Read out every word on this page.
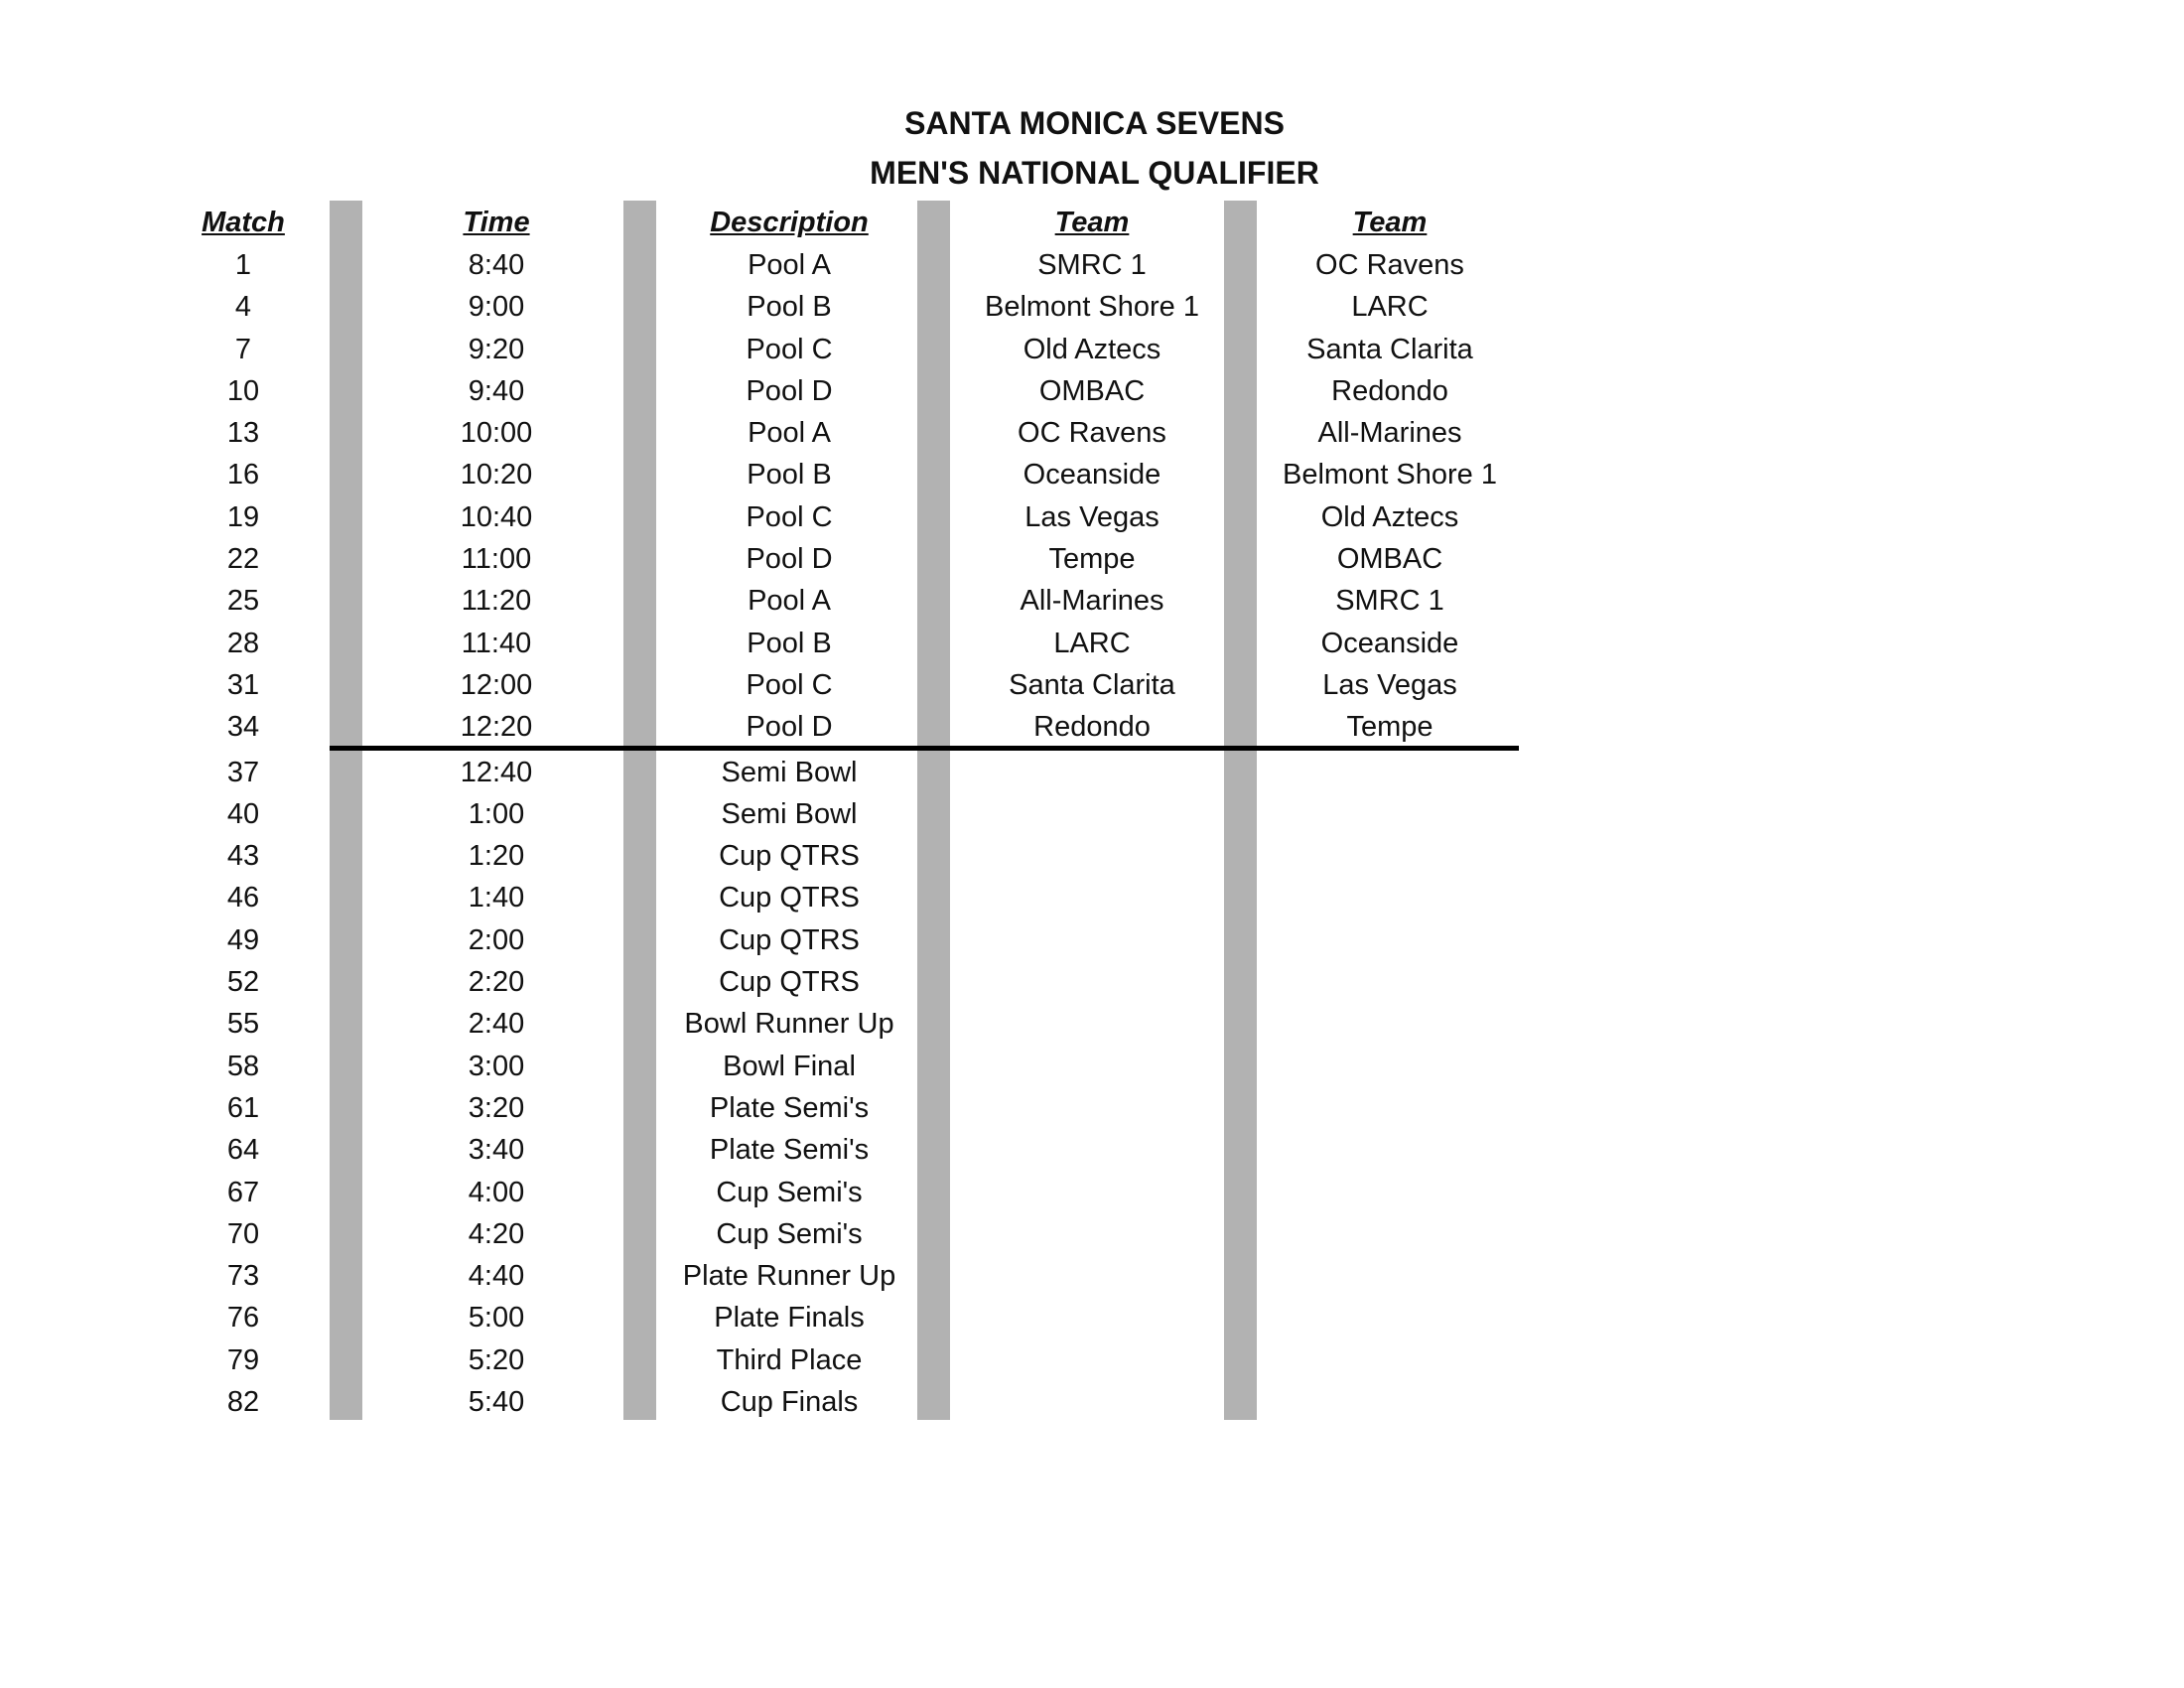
SANTA MONICA SEVENS
MEN'S NATIONAL QUALIFIER
Match	Time	Description	Team	Team
1	8:40	Pool A	SMRC 1	OC Ravens
4	9:00	Pool B	Belmont Shore 1	LARC
7	9:20	Pool C	Old Aztecs	Santa Clarita
10	9:40	Pool D	OMBAC	Redondo
13	10:00	Pool A	OC Ravens	All-Marines
16	10:20	Pool B	Oceanside	Belmont Shore 1
19	10:40	Pool C	Las Vegas	Old Aztecs
22	11:00	Pool D	Tempe	OMBAC
25	11:20	Pool A	All-Marines	SMRC 1
28	11:40	Pool B	LARC	Oceanside
31	12:00	Pool C	Santa Clarita	Las Vegas
34	12:20	Pool D	Redondo	Tempe
37	12:40	Semi Bowl
40	1:00	Semi Bowl
43	1:20	Cup QTRS
46	1:40	Cup QTRS
49	2:00	Cup QTRS
52	2:20	Cup QTRS
55	2:40	Bowl Runner Up
58	3:00	Bowl Final
61	3:20	Plate Semi's
64	3:40	Plate Semi's
67	4:00	Cup Semi's
70	4:20	Cup Semi's
73	4:40	Plate Runner Up
76	5:00	Plate Finals
79	5:20	Third Place
82	5:40	Cup Finals
